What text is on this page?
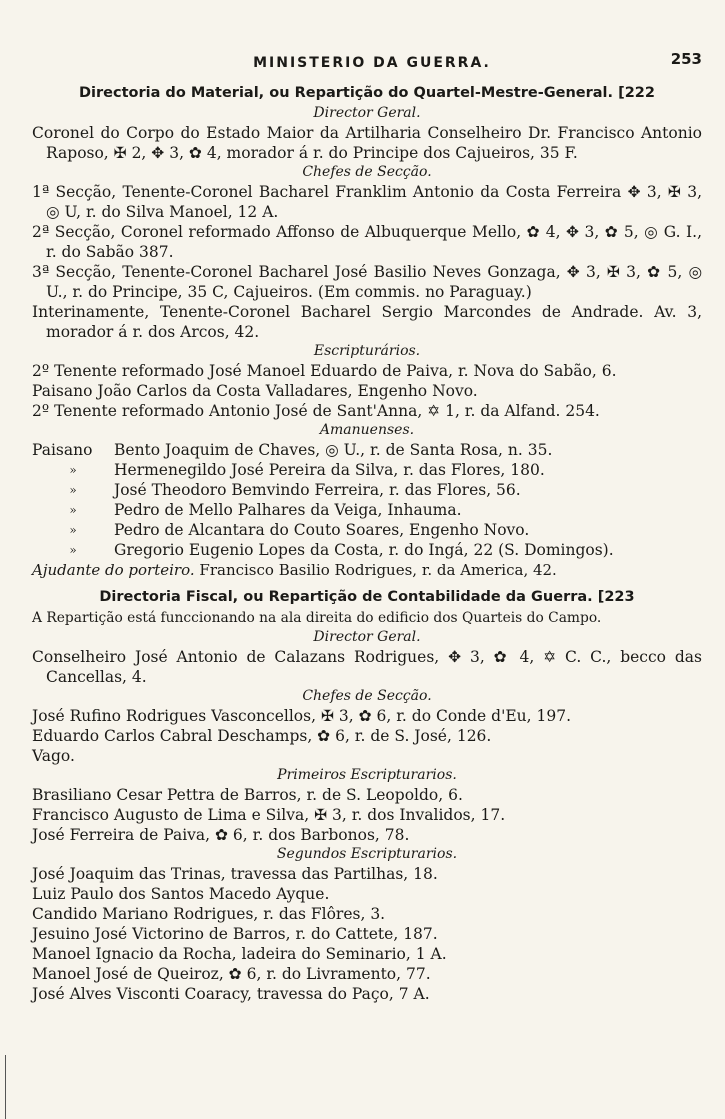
MINISTERIO DA GUERRA.	253
Directoria do Material, ou Repartição do Quartel-Mestre-General. [222
Director Geral.
Coronel do Corpo do Estado Maior da Artilharia Conselheiro Dr. Francisco Antonio Raposo, ✠ 2, ✥ 3, ✿ 4, morador á r. do Principe dos Cajueiros, 35 F.
Chefes de Secção.
1ª Secção, Tenente-Coronel Bacharel Franklim Antonio da Costa Ferreira ✥ 3, ✠ 3, ◎ U, r. do Silva Manoel, 12 A.
2ª Secção, Coronel reformado Affonso de Albuquerque Mello, ✿ 4, ✥ 3, ✿ 5, ◎ G. I., r. do Sabão 387.
3ª Secção, Tenente-Coronel Bacharel José Basilio Neves Gonzaga, ✥ 3, ✠ 3, ✿ 5, ◎ U., r. do Principe, 35 C, Cajueiros. (Em commis. no Paraguay.)
Interinamente, Tenente-Coronel Bacharel Sergio Marcondes de Andrade. Av. 3, morador á r. dos Arcos, 42.
Escripturários.
2º Tenente reformado José Manoel Eduardo de Paiva, r. Nova do Sabão, 6.
Paisano João Carlos da Costa Valladares, Engenho Novo.
2º Tenente reformado Antonio José de Sant'Anna, ✡ 1, r. da Alfand. 254.
Amanuenses.
Paisano	Bento Joaquim de Chaves, ◎ U., r. de Santa Rosa, n. 35.
»	Hermenegildo José Pereira da Silva, r. das Flores, 180.
»	José Theodoro Bemvindo Ferreira, r. das Flores, 56.
»	Pedro de Mello Palhares da Veiga, Inhauma.
»	Pedro de Alcantara do Couto Soares, Engenho Novo.
»	Gregorio Eugenio Lopes da Costa, r. do Ingá, 22 (S. Domingos).
Ajudante do porteiro. Francisco Basilio Rodrigues, r. da America, 42.
Directoria Fiscal, ou Repartição de Contabilidade da Guerra. [223
A Repartição está funccionando na ala direita do edificio dos Quarteis do Campo.
Director Geral.
Conselheiro José Antonio de Calazans Rodrigues, ✥ 3, ✿ 4, ✡ C. C., becco das Cancellas, 4.
Chefes de Secção.
José Rufino Rodrigues Vasconcellos, ✠ 3, ✿ 6, r. do Conde d'Eu, 197.
Eduardo Carlos Cabral Deschamps, ✿ 6, r. de S. José, 126.
Vago.
Primeiros Escripturarios.
Brasiliano Cesar Pettra de Barros, r. de S. Leopoldo, 6.
Francisco Augusto de Lima e Silva, ✠ 3, r. dos Invalidos, 17.
José Ferreira de Paiva, ✿ 6, r. dos Barbonos, 78.
Segundos Escripturarios.
José Joaquim das Trinas, travessa das Partilhas, 18.
Luiz Paulo dos Santos Macedo Ayque.
Candido Mariano Rodrigues, r. das Flôres, 3.
Jesuino José Victorino de Barros, r. do Cattete, 187.
Manoel Ignacio da Rocha, ladeira do Seminario, 1 A.
Manoel José de Queiroz, ✿ 6, r. do Livramento, 77.
José Alves Visconti Coaracy, travessa do Paço, 7 A.
